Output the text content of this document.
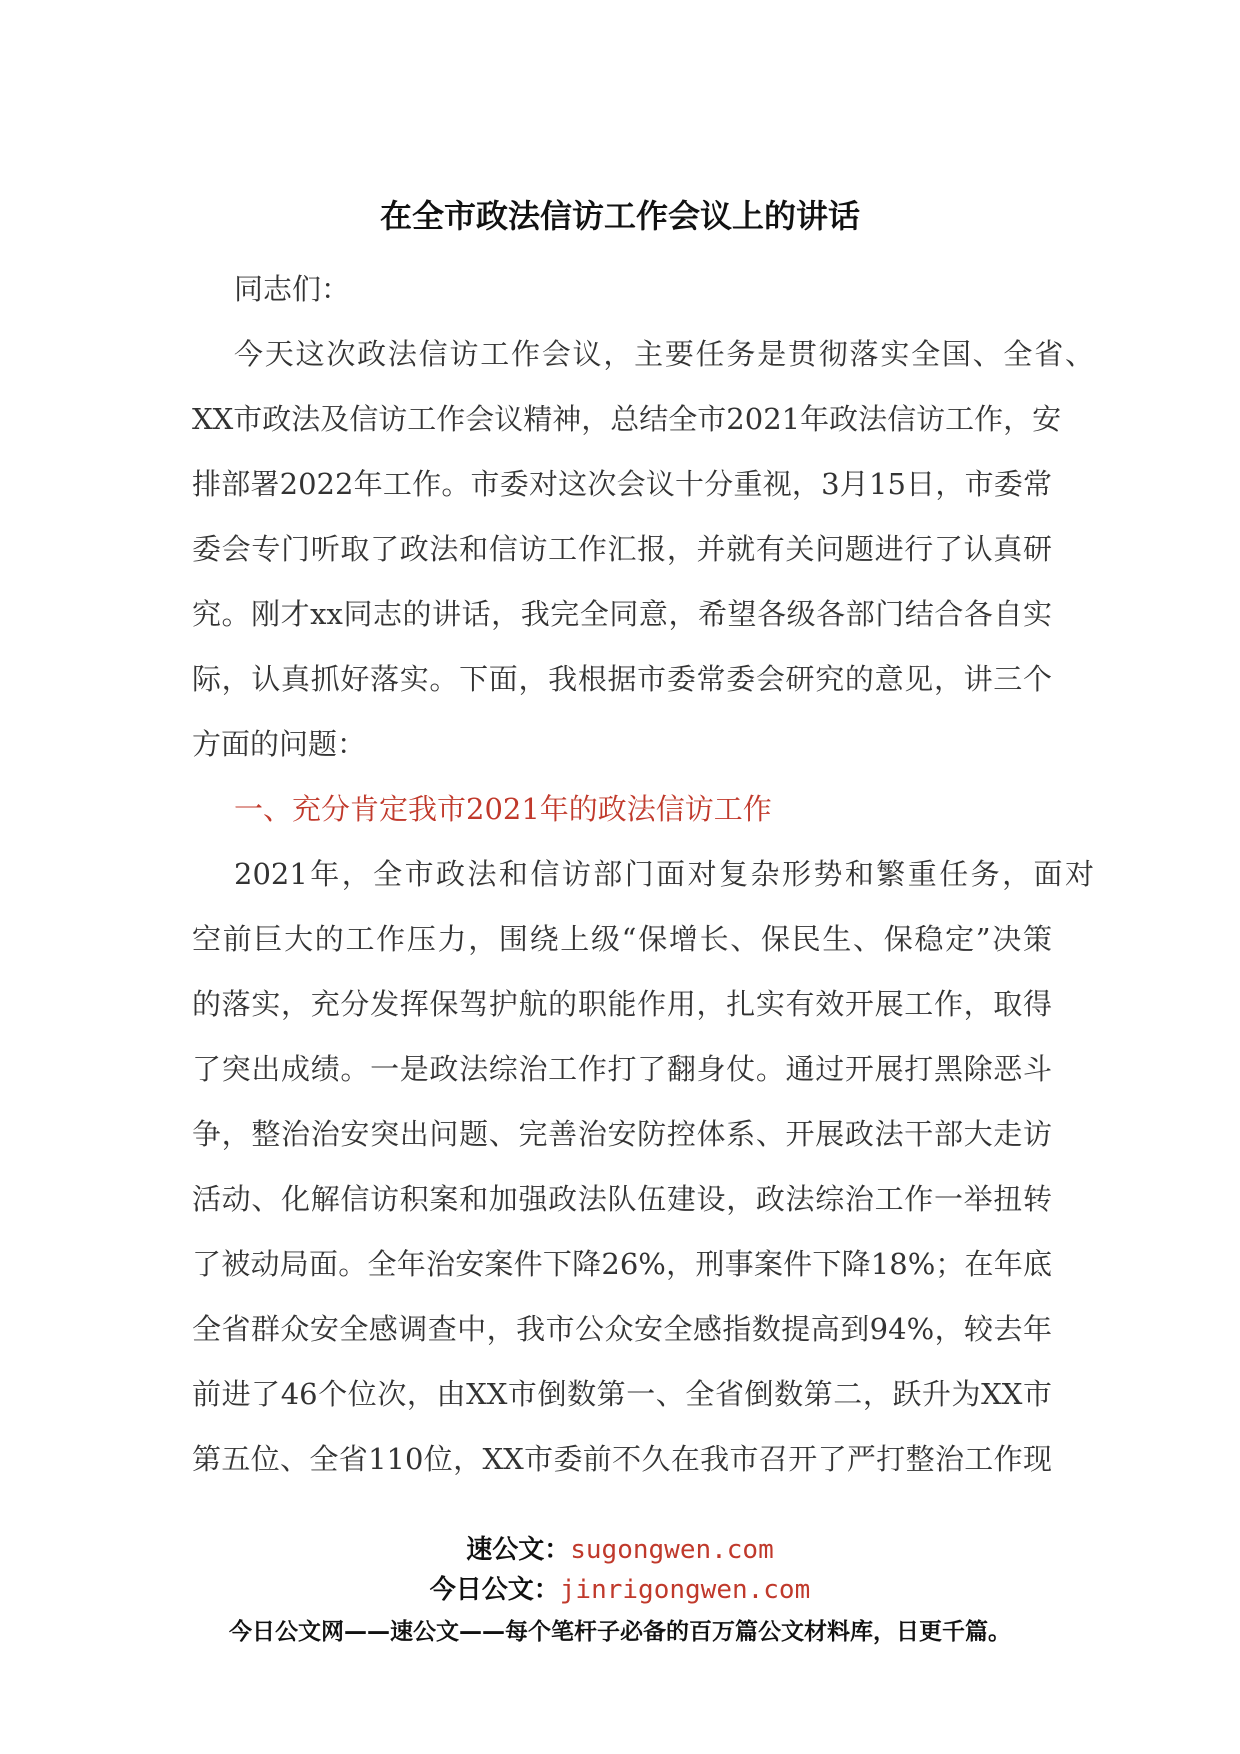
在全市政法信访工作会议上的讲话
同志们：
今天这次政法信访工作会议，主要任务是贯彻落实全国、全省、
XX市政法及信访工作会议精神，总结全市2021年政法信访工作，安
排部署2022年工作。市委对这次会议十分重视，3月15日，市委常
委会专门听取了政法和信访工作汇报，并就有关问题进行了认真研
究。刚才xx同志的讲话，我完全同意，希望各级各部门结合各自实
际，认真抓好落实。下面，我根据市委常委会研究的意见，讲三个
方面的问题：
一、充分肯定我市2021年的政法信访工作
2021年，全市政法和信访部门面对复杂形势和繁重任务，面对
空前巨大的工作压力，围绕上级“保增长、保民生、保稳定”决策
的落实，充分发挥保驾护航的职能作用，扎实有效开展工作，取得
了突出成绩。一是政法综治工作打了翻身仗。通过开展打黑除恶斗
争，整治治安突出问题、完善治安防控体系、开展政法干部大走访
活动、化解信访积案和加强政法队伍建设，政法综治工作一举扭转
了被动局面。全年治安案件下降26%，刑事案件下降18%；在年底
全省群众安全感调查中，我市公众安全感指数提高到94%，较去年
前进了46个位次，由XX市倒数第一、全省倒数第二，跃升为XX市
第五位、全省110位，XX市委前不久在我市召开了严打整治工作现
速公文：sugongwen.com
今日公文：jinrigongwen.com
今日公文网——速公文——每个笔杆子必备的百万篇公文材料库，日更千篇。
